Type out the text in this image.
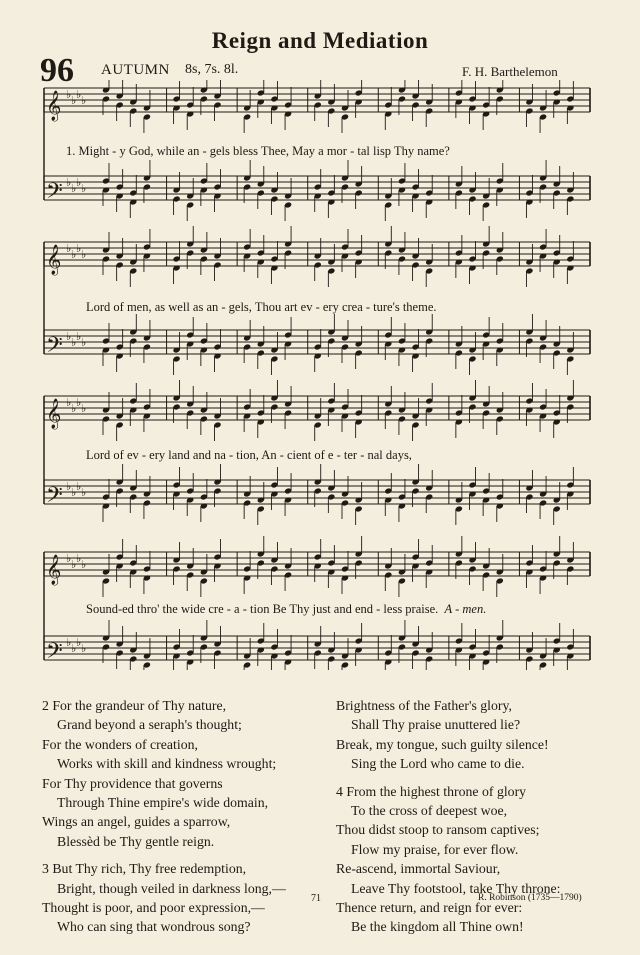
Reign and Mediation
96 AUTUMN 8s, 7s. 8l.	F. H. Barthelemon
𝄞 ♭ ♭ ♭ ♭
𝄢 ♭ ♭ ♭ ♭
𝄞 ♭ ♭ ♭ ♭
𝄢 ♭ ♭ ♭ ♭
𝄞 ♭ ♭ ♭ ♭
𝄢 ♭ ♭ ♭ ♭
𝄞 ♭ ♭ ♭ ♭
𝄢 ♭ ♭ ♭ ♭
1. Might - y God, while an - gels bless Thee, May a mor - tal lisp Thy name?
Lord of men, as well as an - gels, Thou art ev - ery crea - ture's theme.
Lord of ev - ery land and na - tion, An - cient of e - ter - nal days,
Sound-ed thro' the wide cre - a - tion Be Thy just and end - less praise. A - men.
2 For the grandeur of Thy nature,
Grand beyond a seraph's thought;
For the wonders of creation,
Works with skill and kindness wrought;
For Thy providence that governs
Through Thine empire's wide domain,
Wings an angel, guides a sparrow,
Blessèd be Thy gentle reign.
3 But Thy rich, Thy free redemption,
Bright, though veiled in darkness long,—
Thought is poor, and poor expression,—
Who can sing that wondrous song?
Brightness of the Father's glory,
Shall Thy praise unuttered lie?
Break, my tongue, such guilty silence!
Sing the Lord who came to die.
4 From the highest throne of glory
To the cross of deepest woe,
Thou didst stoop to ransom captives;
Flow my praise, for ever flow.
Re-ascend, immortal Saviour,
Leave Thy footstool, take Thy throne:
Thence return, and reign for ever:
Be the kingdom all Thine own!
71	R. Robinson (1735—1790)
